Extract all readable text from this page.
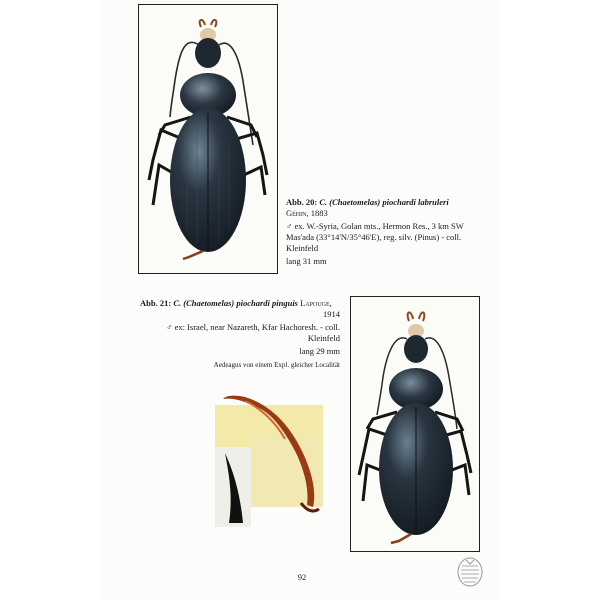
Abb. 20: C. (Chaetomelas) piochardi labruleri
Géhin, 1883
♂ ex. W.-Syria, Golan mts., Hermon Res., 3 km SW Mas'ada (33°14'N/35°46'E), reg. silv. (Pinus) - coll. Kleinfeld
lang 31 mm
Abb. 21: C. (Chaetomelas) piochardi pinguis Lapouge,
1914
♂ ex: Israel, near Nazareth, Kfar Hachoresh. - coll. Kleinfeld
lang 29 mm
Aedeagus von einem Expl. gleicher Localität
92
